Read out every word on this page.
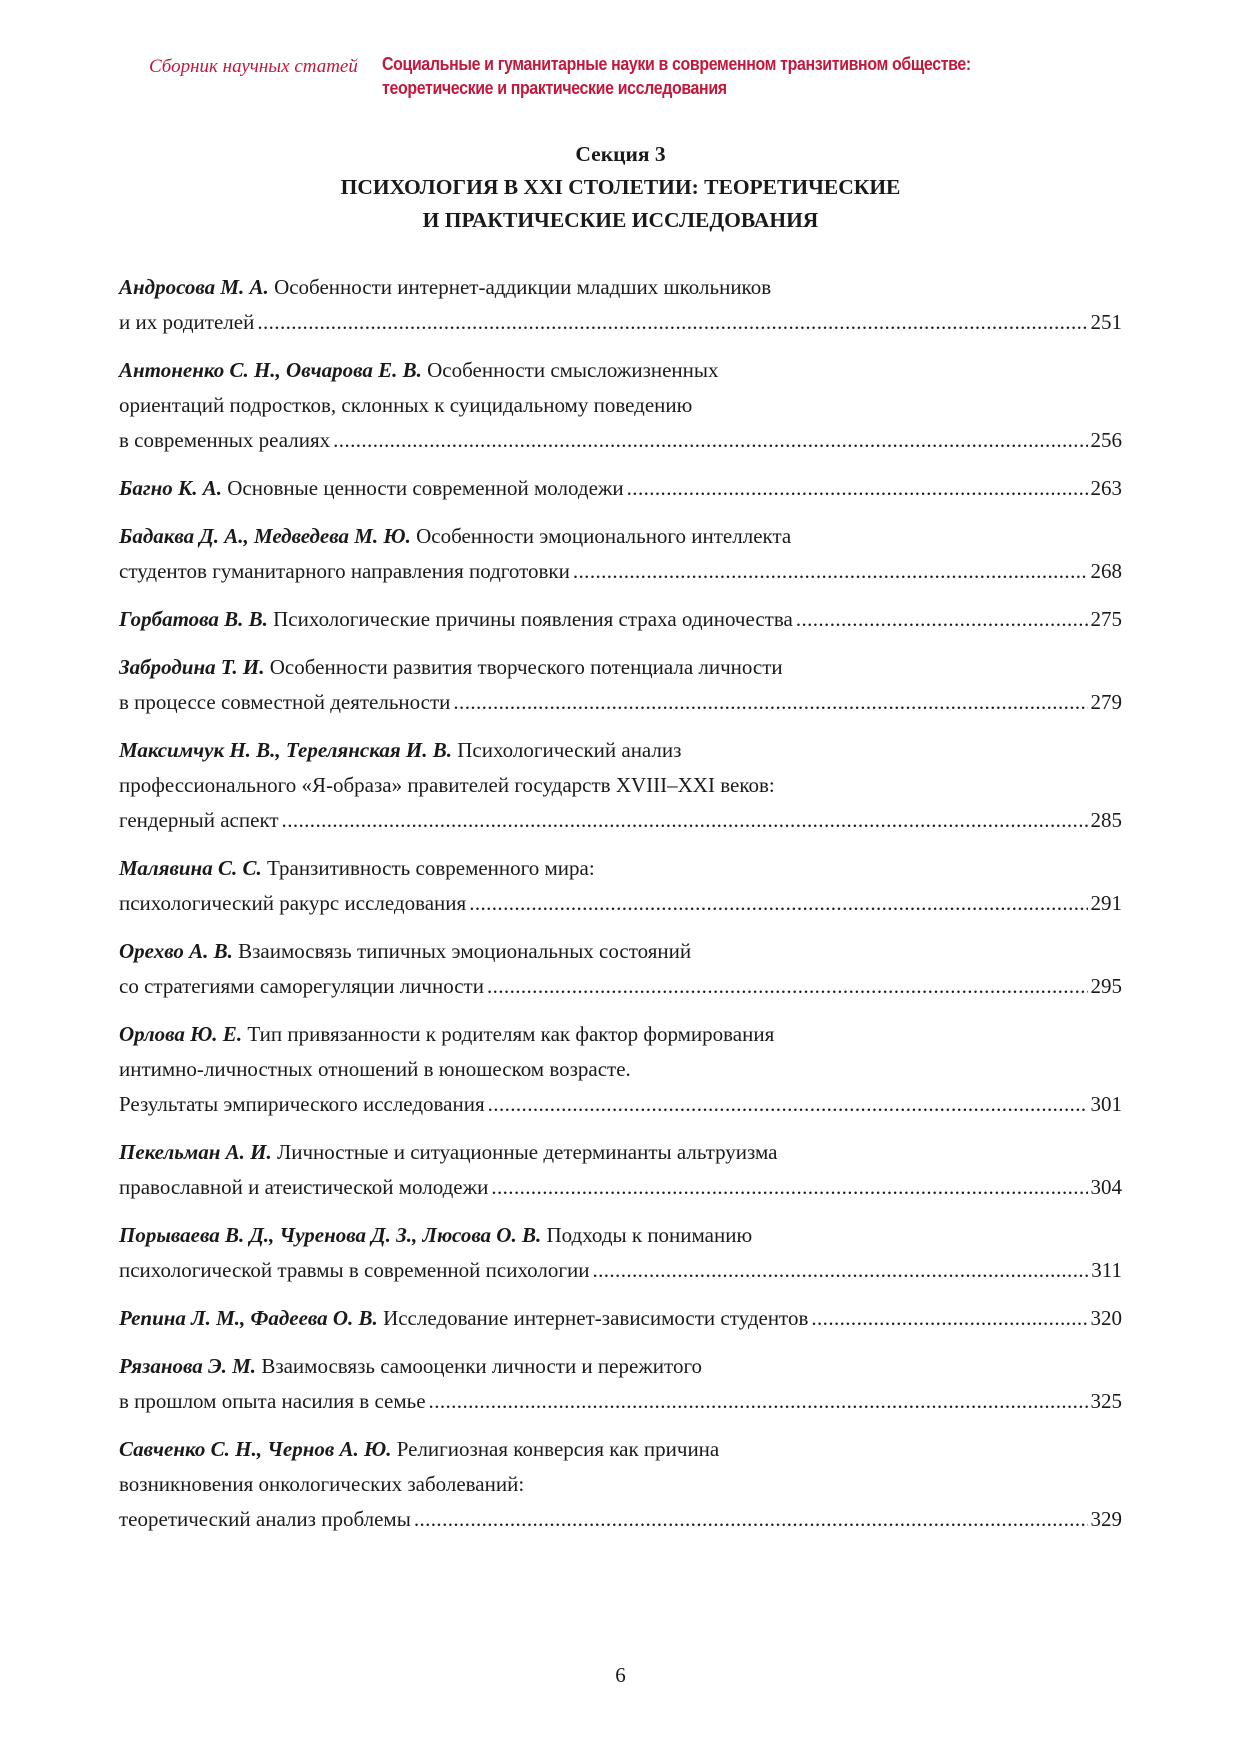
Сборник научных статей Социальные и гуманитарные науки в современном транзитивном обществе:
теоретические и практические исследования
Секция 3
ПСИХОЛОГИЯ В XXI СТОЛЕТИИ: ТЕОРЕТИЧЕСКИЕ
И ПРАКТИЧЕСКИЕ ИССЛЕДОВАНИЯ
Андросова М. А. Особенности интернет-аддикции младших школьников
и их родителей .....	251
Антоненко С. Н., Овчарова Е. В. Особенности смысложизненных
ориентаций подростков, склонных к суицидальному поведению
в современных реалиях .....	256
Багно К. А. Основные ценности современной молодежи .....	263
Бадаква Д. А., Медведева М. Ю. Особенности эмоционального интеллекта
студентов гуманитарного направления подготовки .....	268
Горбатова В. В. Психологические причины появления страха одиночества .....	275
Забродина Т. И. Особенности развития творческого потенциала личности
в процессе совместной деятельности .....	279
Максимчук Н. В., Терелянская И. В. Психологический анализ
профессионального «Я-образа» правителей государств XVIII–XXI веков:
гендерный аспект .....	285
Малявина С. С. Транзитивность современного мира:
психологический ракурс исследования .....	291
Орехво А. В. Взаимосвязь типичных эмоциональных состояний
со стратегиями саморегуляции личности .....	295
Орлова Ю. Е. Тип привязанности к родителям как фактор формирования
интимно-личностных отношений в юношеском возрасте.
Результаты эмпирического исследования .....	301
Пекельман А. И. Личностные и ситуационные детерминанты альтруизма
православной и атеистической молодежи .....	304
Порываева В. Д., Чуренова Д. З., Люсова О. В. Подходы к пониманию
психологической травмы в современной психологии .....	311
Репина Л. М., Фадеева О. В. Исследование интернет-зависимости студентов .....	320
Рязанова Э. М. Взаимосвязь самооценки личности и пережитого
в прошлом опыта насилия в семье .....	325
Савченко С. Н., Чернов А. Ю. Религиозная конверсия как причина
возникновения онкологических заболеваний:
теоретический анализ проблемы .....	329
6
